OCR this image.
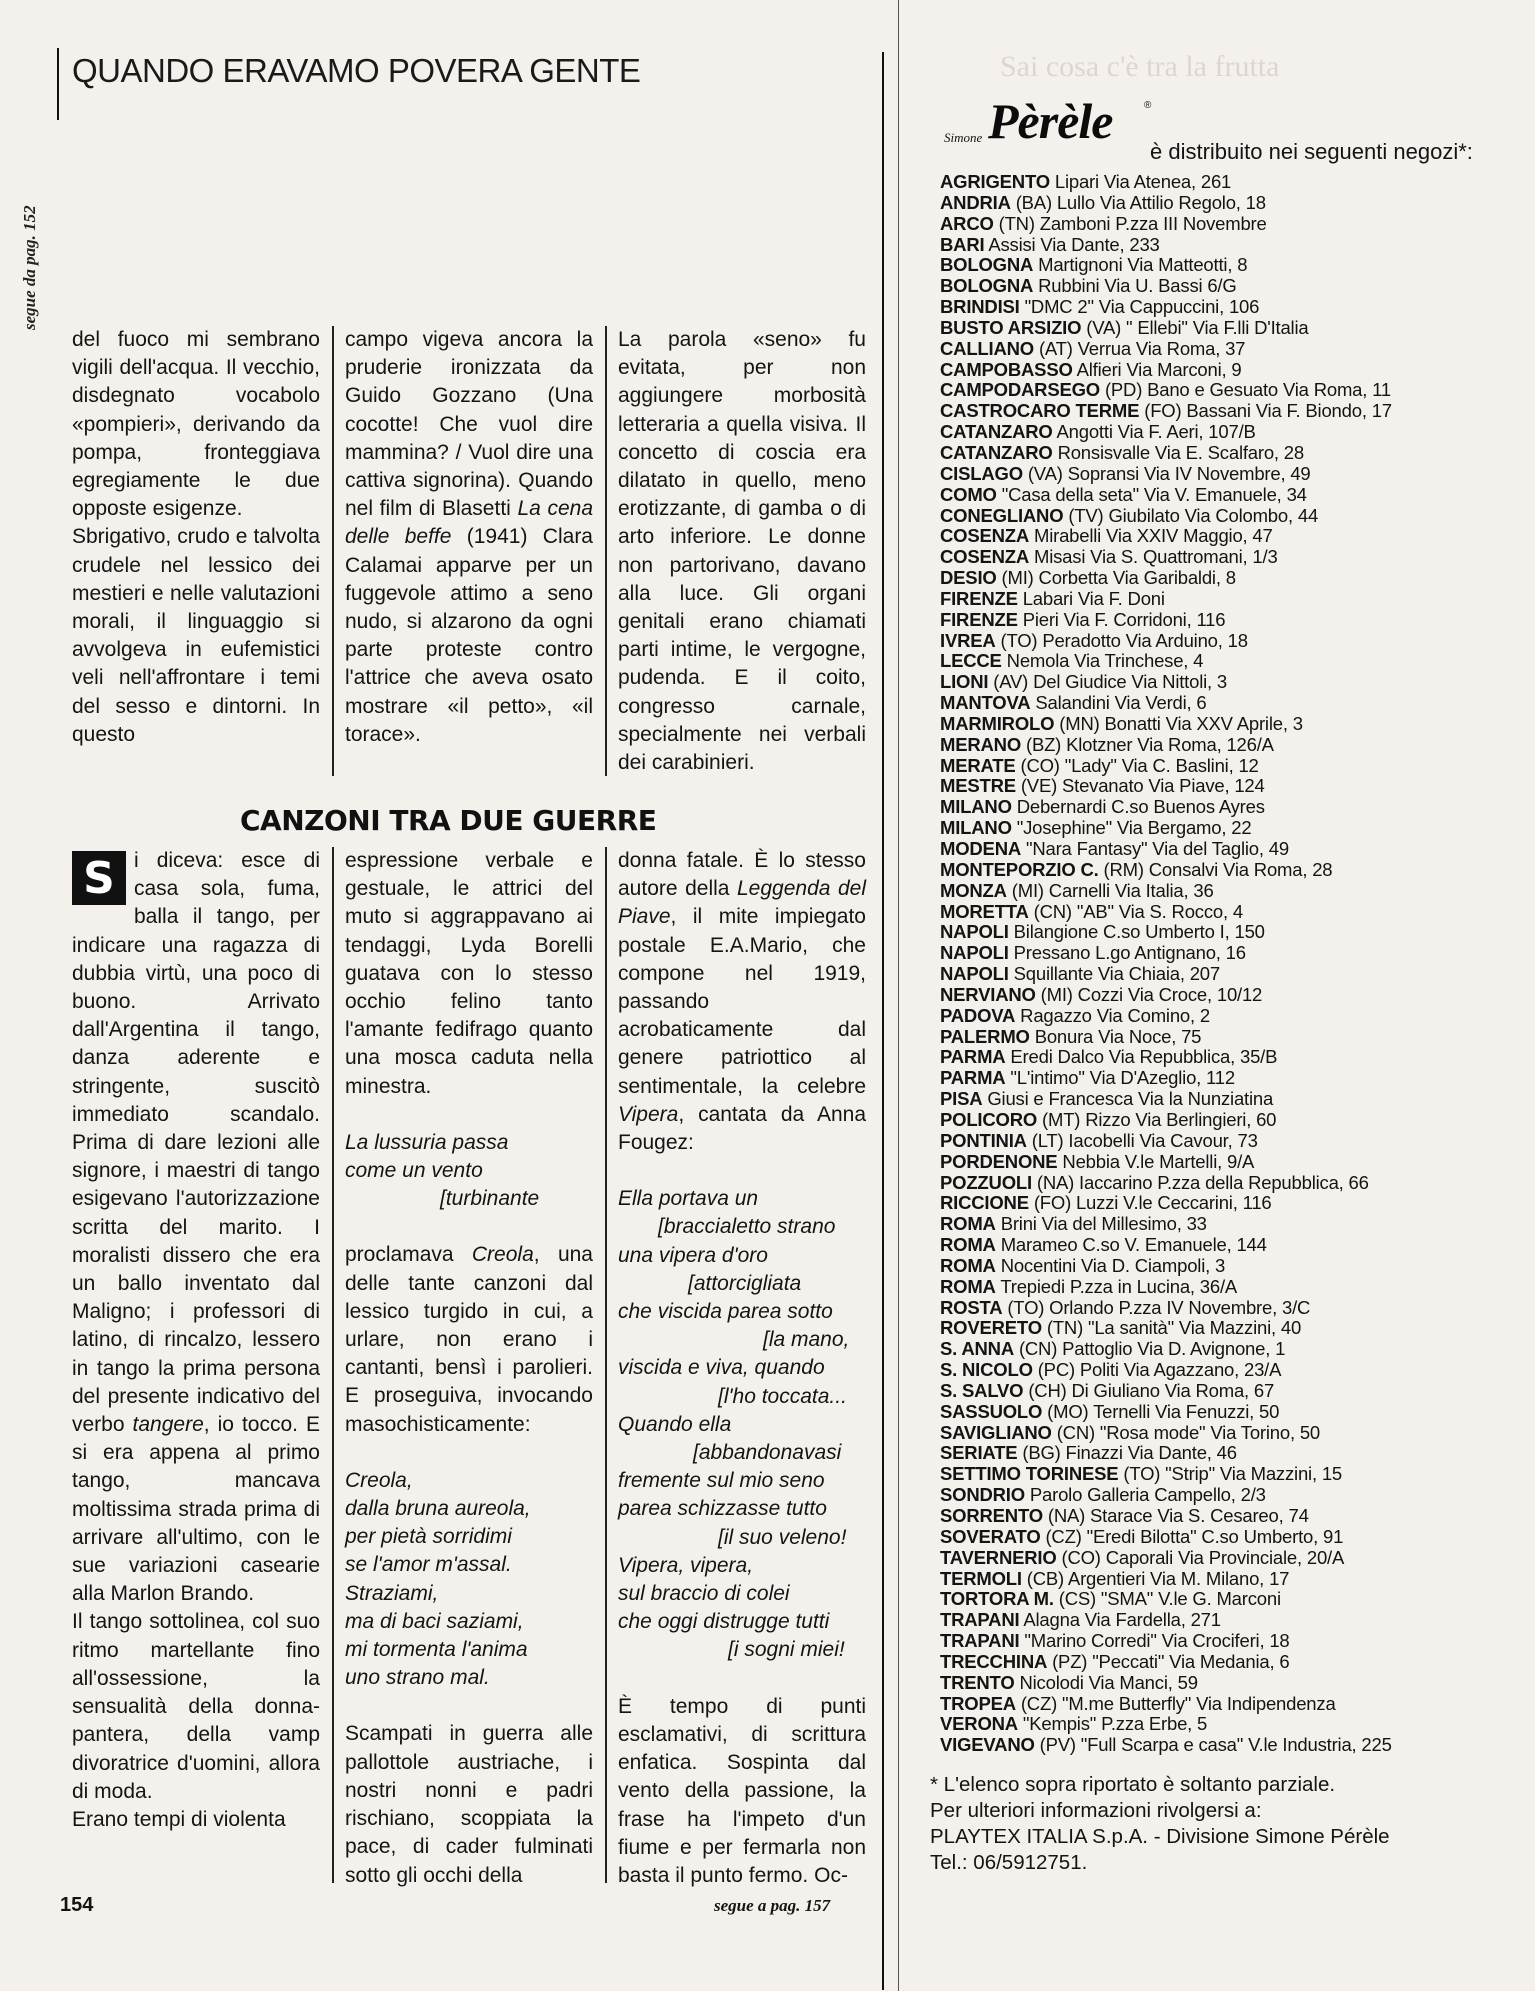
Sai cosa c'è tra la frutta
QUANDO ERAVAMO POVERA GENTE
segue da pag. 152

del fuoco mi sembrano vigili dell'acqua. Il vecchio, disdegnato vocabolo «pompieri», derivando da pompa, fronteggiava egregiamente le due opposte esigenze.

Sbrigativo, crudo e talvolta crudele nel lessico dei mestieri e nelle valutazioni morali, il linguaggio si avvolgeva in eufemistici veli nell'affrontare i temi del sesso e dintorni. In questo

campo vigeva ancora la pruderie ironizzata da Guido Gozzano (Una cocotte! Che vuol dire mammina? / Vuol dire una cattiva signorina). Quando nel film di Blasetti La cena delle beffe (1941) Clara Calamai apparve per un fuggevole attimo a seno nudo, si alzarono da ogni parte proteste contro l'attrice che aveva osato mostrare «il petto», «il torace».

La parola «seno» fu evitata, per non aggiungere morbosità letteraria a quella visiva. Il concetto di coscia era dilatato in quello, meno erotizzante, di gamba o di arto inferiore. Le donne non partorivano, davano alla luce. Gli organi genitali erano chiamati parti intime, le vergogne, pudenda. E il coito, congresso carnale, specialmente nei verbali dei carabinieri.

CANZONI TRA DUE GUERRE

S i diceva: esce di casa sola, fuma, balla il tango, per indicare una ragazza di dubbia virtù, una poco di buono. Arrivato dall'Argentina il tango, danza aderente e stringente, suscitò immediato scandalo. Prima di dare lezioni alle signore, i maestri di tango esigevano l'autorizzazione scritta del marito. I moralisti dissero che era un ballo inventato dal Maligno; i professori di latino, di rincalzo, lessero in tango la prima persona del presente indicativo del verbo tangere, io tocco. E si era appena al primo tango, mancava moltissima strada prima di arrivare all'ultimo, con le sue variazioni casearie alla Marlon Brando.

Il tango sottolinea, col suo ritmo martellante fino all'ossessione, la sensualità della donna-pantera, della vamp divoratrice d'uomini, allora di moda.

Erano tempi di violenta

espressione verbale e gestuale, le attrici del muto si aggrappavano ai tendaggi, Lyda Borelli guatava con lo stesso occhio felino tanto l'amante fedifrago quanto una mosca caduta nella minestra.

La lussuria passa
come un vento
[turbinante

proclamava Creola, una delle tante canzoni dal lessico turgido in cui, a urlare, non erano i cantanti, bensì i parolieri. E proseguiva, invocando masochisticamente:

Creola,
dalla bruna aureola,
per pietà sorridimi
se l'amor m'assal.
Straziami,
ma di baci saziami,
mi tormenta l'anima
uno strano mal.

Scampati in guerra alle pallottole austriache, i nostri nonni e padri rischiano, scoppiata la pace, di cader fulminati sotto gli occhi della

donna fatale. È lo stesso autore della Leggenda del Piave, il mite impiegato postale E.A.Mario, che compone nel 1919, passando acrobaticamente dal genere patriottico al sentimentale, la celebre Vipera, cantata da Anna Fougez:

Ella portava un
[braccialetto strano
una vipera d'oro
[attorcigliata
che viscida parea sotto
[la mano,
viscida e viva, quando
[l'ho toccata...
Quando ella
[abbandonavasi
fremente sul mio seno
parea schizzasse tutto
[il suo veleno!
Vipera, vipera,
sul braccio di colei
che oggi distrugge tutti
[i sogni miei!

È tempo di punti esclamativi, di scrittura enfatica. Sospinta dal vento della passione, la frase ha l'impeto d'un fiume e per fermarla non basta il punto fermo. Oc-

154	segue a pag. 157
Simone Pèrèle	®
è distribuito nei seguenti negozi*:
AGRIGENTO Lipari Via Atenea, 261
ANDRIA (BA) Lullo Via Attilio Regolo, 18
ARCO (TN) Zamboni P.zza III Novembre
BARI Assisi Via Dante, 233
BOLOGNA Martignoni Via Matteotti, 8
BOLOGNA Rubbini Via U. Bassi 6/G
BRINDISI "DMC 2" Via Cappuccini, 106
BUSTO ARSIZIO (VA) " Ellebi" Via F.lli D'Italia
CALLIANO (AT) Verrua Via Roma, 37
CAMPOBASSO Alfieri Via Marconi, 9
CAMPODARSEGO (PD) Bano e Gesuato Via Roma, 11
CASTROCARO TERME (FO) Bassani Via F. Biondo, 17
CATANZARO Angotti Via F. Aeri, 107/B
CATANZARO Ronsisvalle Via E. Scalfaro, 28
CISLAGO (VA) Sopransi Via IV Novembre, 49
COMO "Casa della seta" Via V. Emanuele, 34
CONEGLIANO (TV) Giubilato Via Colombo, 44
COSENZA Mirabelli Via XXIV Maggio, 47
COSENZA Misasi Via S. Quattromani, 1/3
DESIO (MI) Corbetta Via Garibaldi, 8
FIRENZE Labari Via F. Doni
FIRENZE Pieri Via F. Corridoni, 116
IVREA (TO) Peradotto Via Arduino, 18
LECCE Nemola Via Trinchese, 4
LIONI (AV) Del Giudice Via Nittoli, 3
MANTOVA Salandini Via Verdi, 6
MARMIROLO (MN) Bonatti Via XXV Aprile, 3
MERANO (BZ) Klotzner Via Roma, 126/A
MERATE (CO) "Lady" Via C. Baslini, 12
MESTRE (VE) Stevanato Via Piave, 124
MILANO Debernardi C.so Buenos Ayres
MILANO "Josephine" Via Bergamo, 22
MODENA "Nara Fantasy" Via del Taglio, 49
MONTEPORZIO C. (RM) Consalvi Via Roma, 28
MONZA (MI) Carnelli Via Italia, 36
MORETTA (CN) "AB" Via S. Rocco, 4
NAPOLI Bilangione C.so Umberto I, 150
NAPOLI Pressano L.go Antignano, 16
NAPOLI Squillante Via Chiaia, 207
NERVIANO (MI) Cozzi Via Croce, 10/12
PADOVA Ragazzo Via Comino, 2
PALERMO Bonura Via Noce, 75
PARMA Eredi Dalco Via Repubblica, 35/B
PARMA "L'intimo" Via D'Azeglio, 112
PISA Giusi e Francesca Via la Nunziatina
POLICORO (MT) Rizzo Via Berlingieri, 60
PONTINIA (LT) Iacobelli Via Cavour, 73
PORDENONE Nebbia V.le Martelli, 9/A
POZZUOLI (NA) Iaccarino P.zza della Repubblica, 66
RICCIONE (FO) Luzzi V.le Ceccarini, 116
ROMA Brini Via del Millesimo, 33
ROMA Marameo C.so V. Emanuele, 144
ROMA Nocentini Via D. Ciampoli, 3
ROMA Trepiedi P.zza in Lucina, 36/A
ROSTA (TO) Orlando P.zza IV Novembre, 3/C
ROVERETO (TN) "La sanità" Via Mazzini, 40
S. ANNA (CN) Pattoglio Via D. Avignone, 1
S. NICOLO (PC) Politi Via Agazzano, 23/A
S. SALVO (CH) Di Giuliano Via Roma, 67
SASSUOLO (MO) Ternelli Via Fenuzzi, 50
SAVIGLIANO (CN) "Rosa mode" Via Torino, 50
SERIATE (BG) Finazzi Via Dante, 46
SETTIMO TORINESE (TO) "Strip" Via Mazzini, 15
SONDRIO Parolo Galleria Campello, 2/3
SORRENTO (NA) Starace Via S. Cesareo, 74
SOVERATO (CZ) "Eredi Bilotta" C.so Umberto, 91
TAVERNERIO (CO) Caporali Via Provinciale, 20/A
TERMOLI (CB) Argentieri Via M. Milano, 17
TORTORA M. (CS) "SMA" V.le G. Marconi
TRAPANI Alagna Via Fardella, 271
TRAPANI "Marino Corredi" Via Crociferi, 18
TRECCHINA (PZ) "Peccati" Via Medania, 6
TRENTO Nicolodi Via Manci, 59
TROPEA (CZ) "M.me Butterfly" Via Indipendenza
VERONA "Kempis" P.zza Erbe, 5
VIGEVANO (PV) "Full Scarpa e casa" V.le Industria, 225
* L'elenco sopra riportato è soltanto parziale.
Per ulteriori informazioni rivolgersi a:
PLAYTEX ITALIA S.p.A. - Divisione Simone Pérèle
Tel.: 06/5912751.
